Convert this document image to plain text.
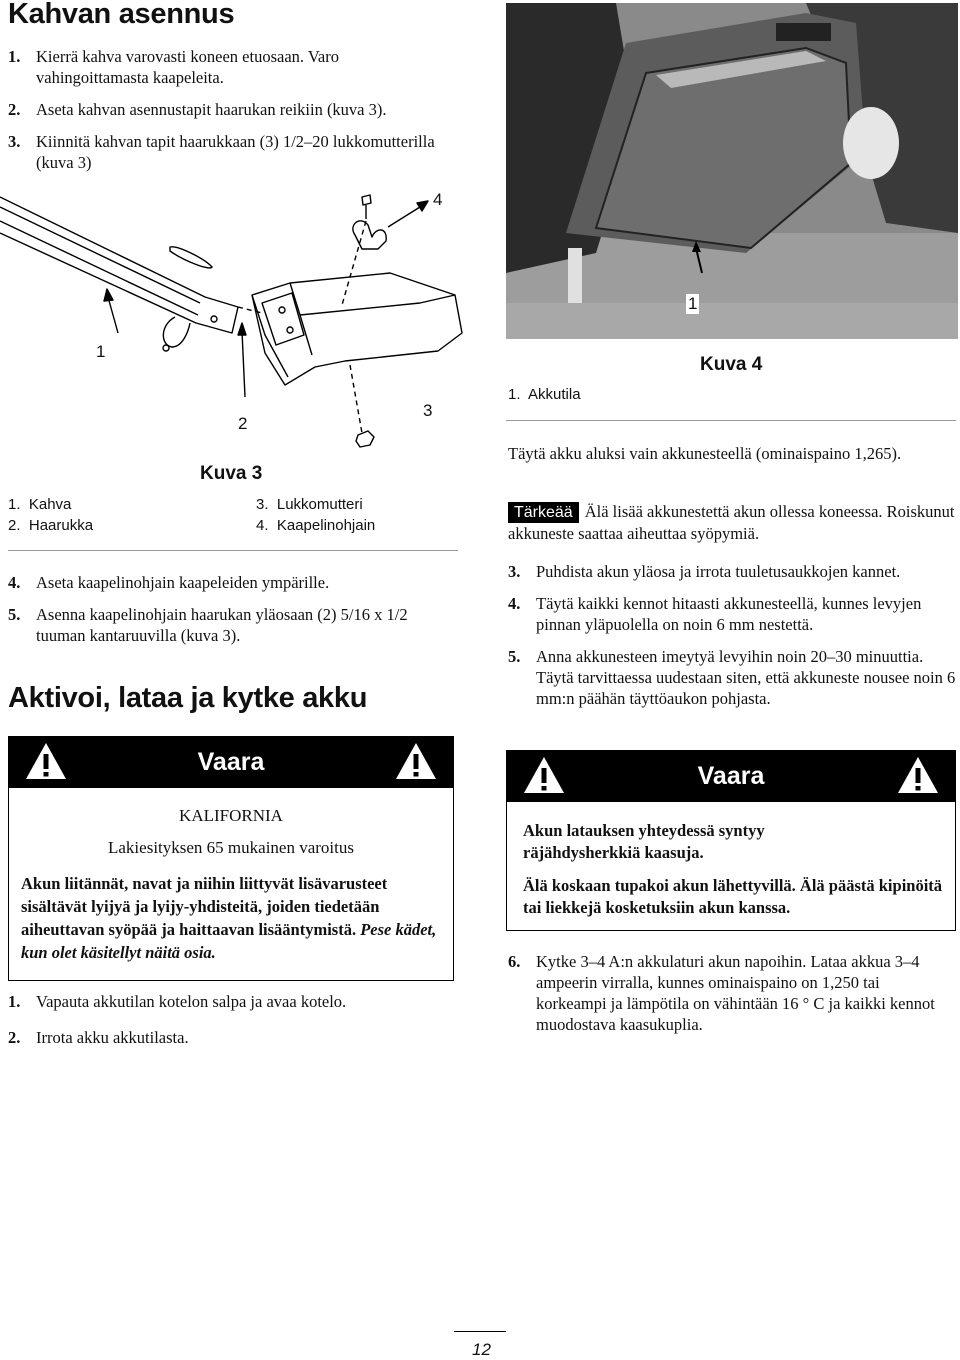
Kahvan asennus
1. Kierrä kahva varovasti koneen etuosaan. Varo vahingoittamasta kaapeleita.
2. Aseta kahvan asennustapit haarukan reikiin (kuva 3).
3. Kiinnitä kahvan tapit haarukkaan (3) 1/2–20 lukkomutterilla (kuva 3)
4
1
3
2
Kuva 3
1. Kahva
2. Haarukka
3. Lukkomutteri
4. Kaapelinohjain
4. Aseta kaapelinohjain kaapeleiden ympärille.
5. Asenna kaapelinohjain haarukan yläosaan (2) 5/16 x 1/2 tuuman kantaruuvilla (kuva 3).
Aktivoi, lataa ja kytke akku
Vaara
KALIFORNIA
Lakiesityksen 65 mukainen varoitus
Akun liitännät, navat ja niihin liittyvät lisävarusteet sisältävät lyijyä ja lyijy-yhdisteitä, joiden tiedetään aiheuttavan syöpää ja haittaavan lisääntymistä. Pese kädet, kun olet käsitellyt näitä osia.
1. Vapauta akkutilan kotelon salpa ja avaa kotelo.
2. Irrota akku akkutilasta.
1
1. Akkutila
Kuva 4
Täytä akku aluksi vain akkunesteellä (ominaispaino 1,265).
Tärkeää Älä lisää akkunestettä akun ollessa koneessa. Roiskunut akkuneste saattaa aiheuttaa syöpymiä.
3. Puhdista akun yläosa ja irrota tuuletusaukkojen kannet.
4. Täytä kaikki kennot hitaasti akkunesteellä, kunnes levyjen pinnan yläpuolella on noin 6 mm nestettä.
5. Anna akkunesteen imeytyä levyihin noin 20–30 minuuttia. Täytä tarvittaessa uudestaan siten, että akkuneste nousee noin 6 mm:n päähän täyttöaukon pohjasta.
Vaara
Akun latauksen yhteydessä syntyy räjähdysherkkiä kaasuja.
Älä koskaan tupakoi akun lähettyvillä. Älä päästä kipinöitä tai liekkejä kosketuksiin akun kanssa.
6. Kytke 3–4 A:n akkulaturi akun napoihin. Lataa akkua 3–4 ampeerin virralla, kunnes ominaispaino on 1,250 tai korkeampi ja lämpötila on vähintään 16 ° C ja kaikki kennot muodostava kaasukuplia.
12
